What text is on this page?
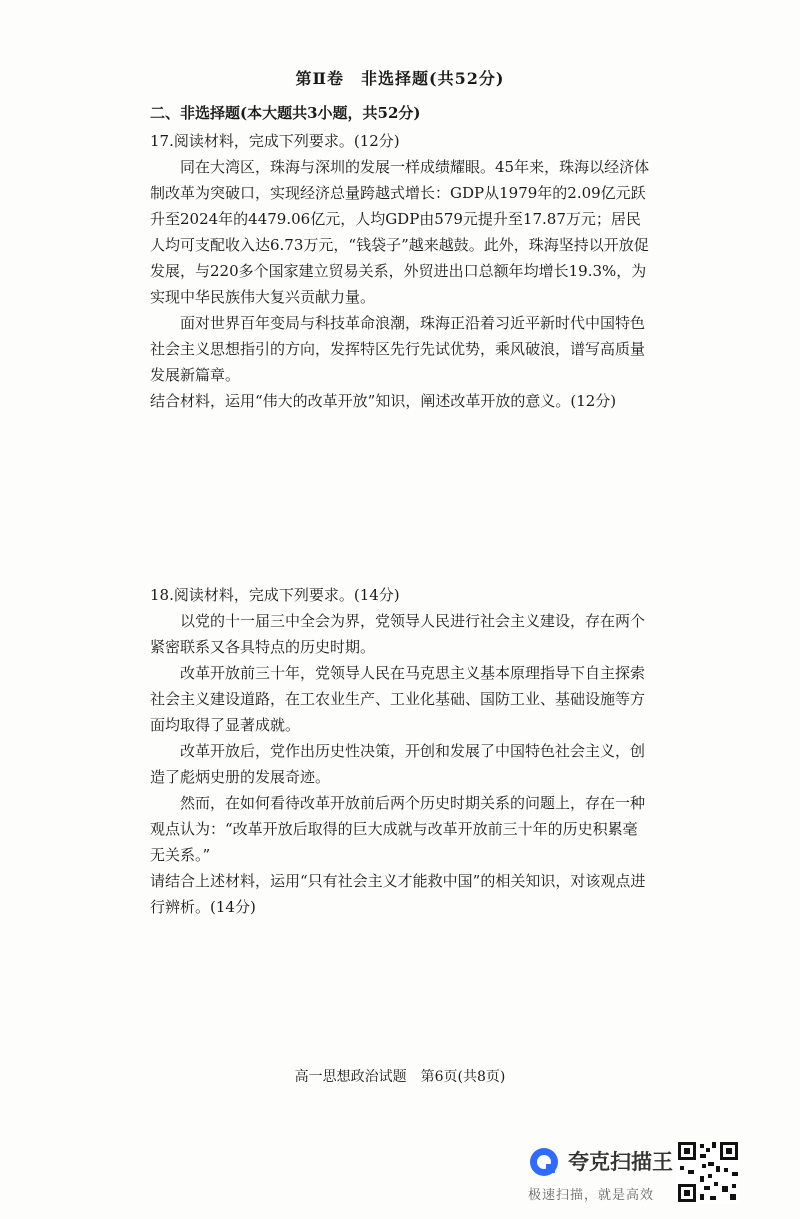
第Ⅱ卷　非选择题(共52分)
二、非选择题(本大题共3小题，共52分)

17.阅读材料，完成下列要求。(12分)

同在大湾区，珠海与深圳的发展一样成绩耀眼。45年来，珠海以经济体制改革为突破口，实现经济总量跨越式增长：GDP从1979年的2.09亿元跃升至2024年的4479.06亿元，人均GDP由579元提升至17.87万元；居民人均可支配收入达6.73万元，“钱袋子”越来越鼓。此外，珠海坚持以开放促发展，与220多个国家建立贸易关系，外贸进出口总额年均增长19.3%，为实现中华民族伟大复兴贡献力量。

面对世界百年变局与科技革命浪潮，珠海正沿着习近平新时代中国特色社会主义思想指引的方向，发挥特区先行先试优势，乘风破浪，谱写高质量发展新篇章。

结合材料，运用“伟大的改革开放”知识，阐述改革开放的意义。(12分)

18.阅读材料，完成下列要求。(14分)

以党的十一届三中全会为界，党领导人民进行社会主义建设，存在两个紧密联系又各具特点的历史时期。

改革开放前三十年，党领导人民在马克思主义基本原理指导下自主探索社会主义建设道路，在工农业生产、工业化基础、国防工业、基础设施等方面均取得了显著成就。

改革开放后，党作出历史性决策，开创和发展了中国特色社会主义，创造了彪炳史册的发展奇迹。

然而，在如何看待改革开放前后两个历史时期关系的问题上，存在一种观点认为：“改革开放后取得的巨大成就与改革开放前三十年的历史积累毫无关系。”

请结合上述材料，运用“只有社会主义才能救中国”的相关知识，对该观点进行辨析。(14分)

高一思想政治试题　第6页(共8页)
夸克扫描王
极速扫描，就是高效
